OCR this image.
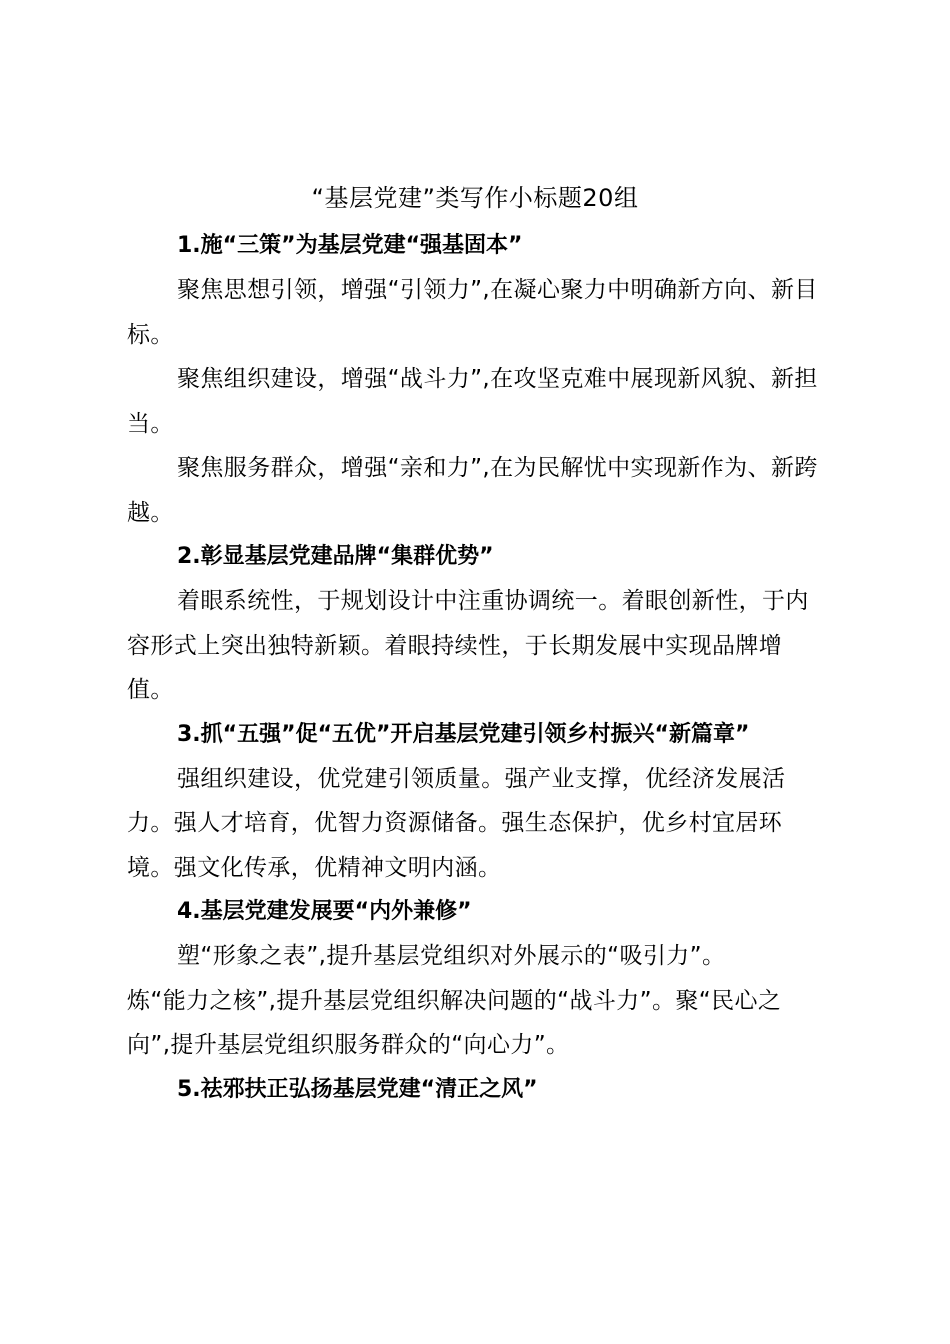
“基层党建”类写作小标题20组

1.施“三策”为基层党建“强基固本”

聚焦思想引领，增强“引领力”,在凝心聚力中明确新方向、新目标。

聚焦组织建设，增强“战斗力”,在攻坚克难中展现新风貌、新担当。

聚焦服务群众，增强“亲和力”,在为民解忧中实现新作为、新跨越。

2.彰显基层党建品牌“集群优势”

着眼系统性，于规划设计中注重协调统一。着眼创新性，于内容形式上突出独特新颖。着眼持续性，于长期发展中实现品牌增值。

3.抓“五强”促“五优”开启基层党建引领乡村振兴“新篇章”

强组织建设，优党建引领质量。强产业支撑，优经济发展活力。强人才培育，优智力资源储备。强生态保护，优乡村宜居环境。强文化传承，优精神文明内涵。

4.基层党建发展要“内外兼修”

塑“形象之表”,提升基层党组织对外展示的“吸引力”。

炼“能力之核”,提升基层党组织解决问题的“战斗力”。聚“民心之向”,提升基层党组织服务群众的“向心力”。

5.祛邪扶正弘扬基层党建“清正之风”
